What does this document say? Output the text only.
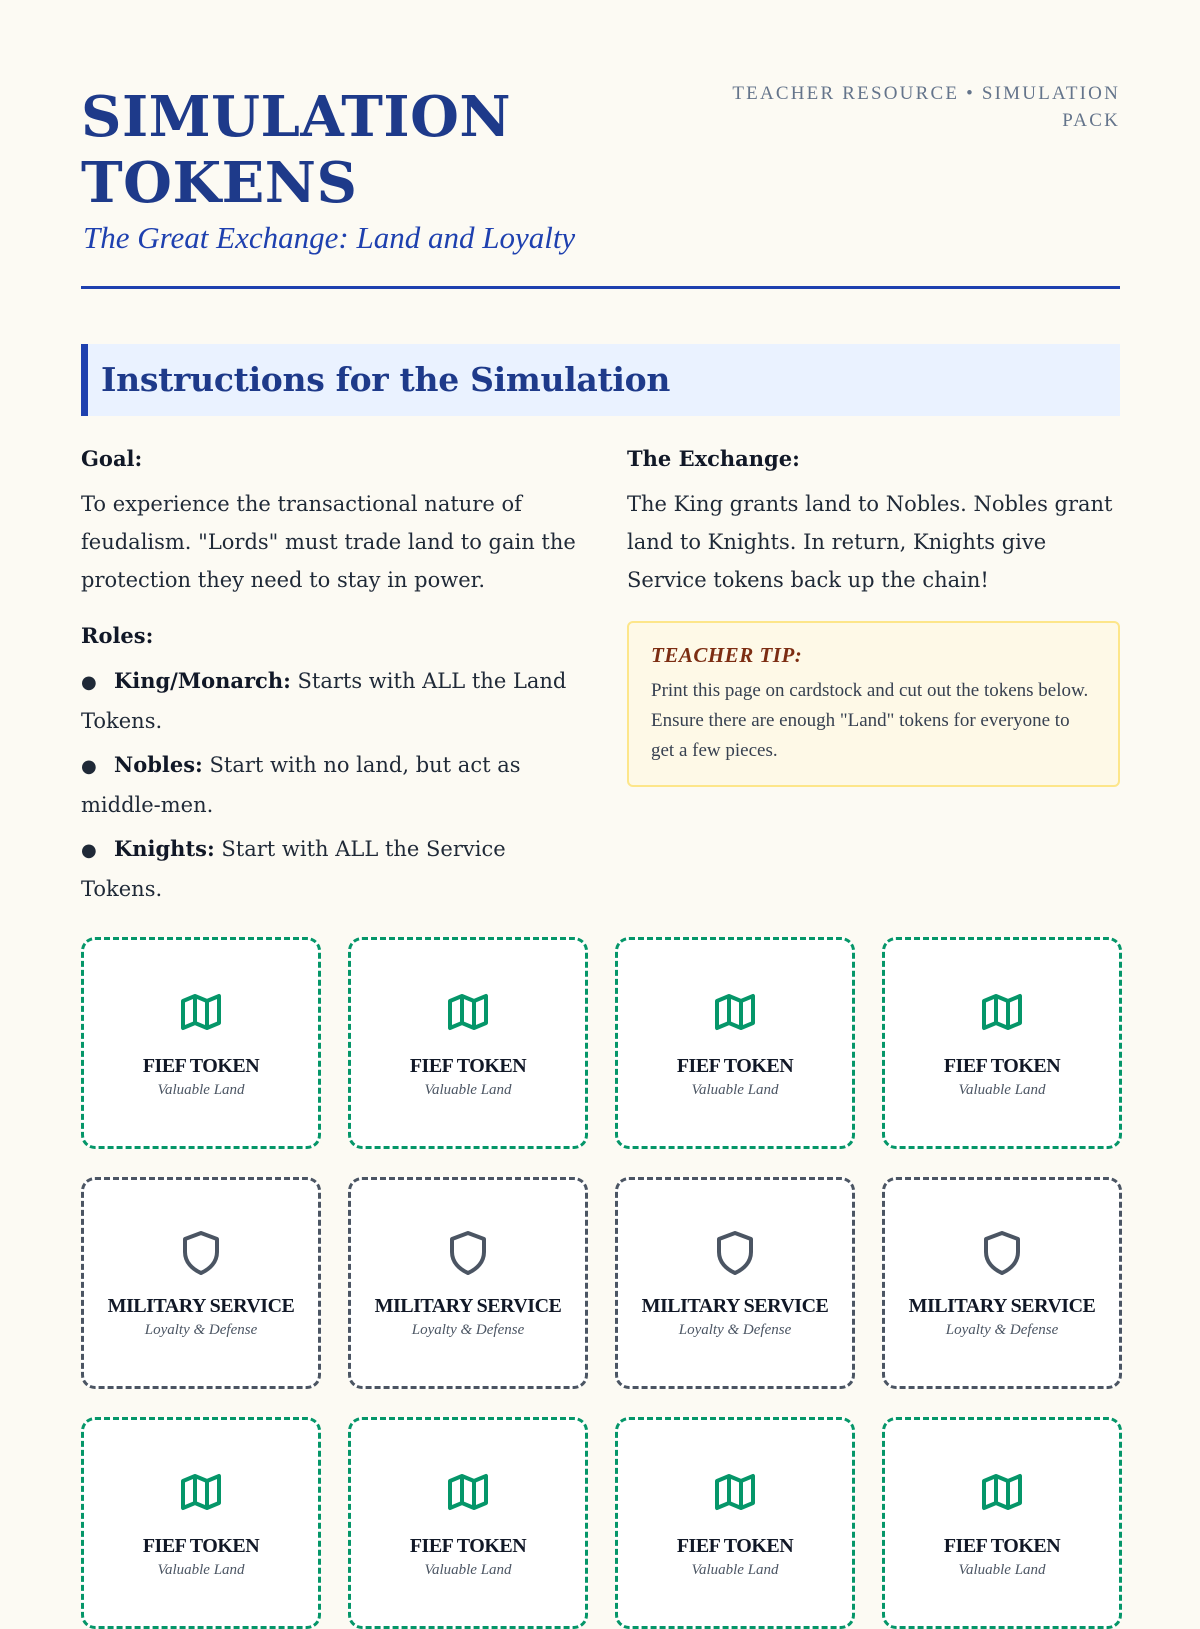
SIMULATION
TOKENS

The Great Exchange: Land and Loyalty

TEACHER RESOURCE • SIMULATION
PACK
Instructions for the Simulation

Goal:

To experience the transactional nature of feudalism. "Lords" must trade land to gain the protection they need to stay in power.

Roles:

● King/Monarch: Starts with ALL the Land Tokens.
● Nobles: Start with no land, but act as middle-men.
● Knights: Start with ALL the Service Tokens.

The Exchange:

The King grants land to Nobles. Nobles grant land to Knights. In return, Knights give Service tokens back up the chain!

TEACHER TIP:

Print this page on cardstock and cut out the tokens below. Ensure there are enough "Land" tokens for everyone to get a few pieces.

FIEF TOKEN
Valuable Land
FIEF TOKEN
Valuable Land
FIEF TOKEN
Valuable Land
FIEF TOKEN
Valuable Land
MILITARY SERVICE
Loyalty & Defense
MILITARY SERVICE
Loyalty & Defense
MILITARY SERVICE
Loyalty & Defense
MILITARY SERVICE
Loyalty & Defense
FIEF TOKEN
Valuable Land
FIEF TOKEN
Valuable Land
FIEF TOKEN
Valuable Land
FIEF TOKEN
Valuable Land
